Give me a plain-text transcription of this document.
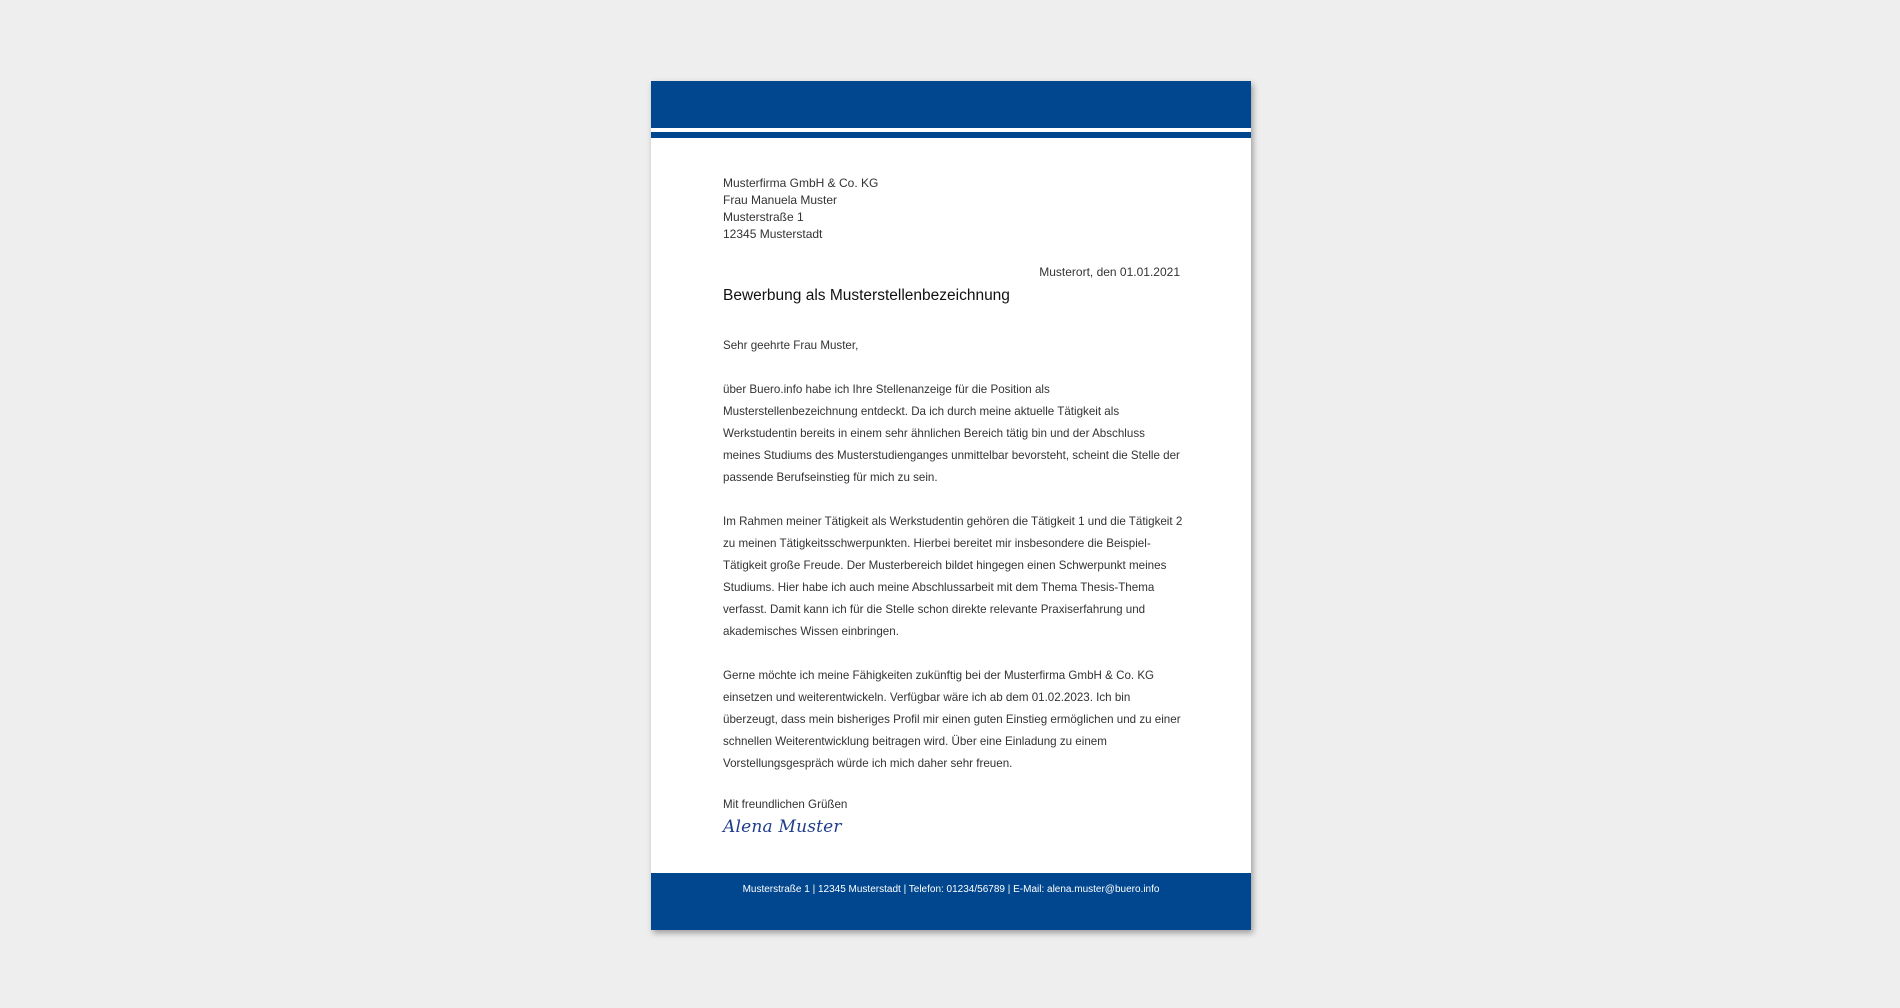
Musterfirma GmbH & Co. KG
Frau Manuela Muster
Musterstraße 1
12345 Musterstadt
Musterort, den 01.01.2021
Bewerbung als Musterstellenbezeichnung

Sehr geehrte Frau Muster,

über Buero.info habe ich Ihre Stellenanzeige für die Position als Musterstellenbezeichnung entdeckt. Da ich durch meine aktuelle Tätigkeit als Werkstudentin bereits in einem sehr ähnlichen Bereich tätig bin und der Abschluss meines Studiums des Musterstudienganges unmittelbar bevorsteht, scheint die Stelle der passende Berufseinstieg für mich zu sein.

Im Rahmen meiner Tätigkeit als Werkstudentin gehören die Tätigkeit 1 und die Tätigkeit 2 zu meinen Tätigkeitsschwerpunkten. Hierbei bereitet mir insbesondere die Beispiel-Tätigkeit große Freude. Der Musterbereich bildet hingegen einen Schwerpunkt meines Studiums. Hier habe ich auch meine Abschlussarbeit mit dem Thema Thesis-Thema verfasst. Damit kann ich für die Stelle schon direkte relevante Praxiserfahrung und akademisches Wissen einbringen.

Gerne möchte ich meine Fähigkeiten zukünftig bei der Musterfirma GmbH & Co. KG einsetzen und weiterentwickeln. Verfügbar wäre ich ab dem 01.02.2023. Ich bin überzeugt, dass mein bisheriges Profil mir einen guten Einstieg ermöglichen und zu einer schnellen Weiterentwicklung beitragen wird. Über eine Einladung zu einem Vorstellungsgespräch würde ich mich daher sehr freuen.

Mit freundlichen Grüßen
Alena Muster
Musterstraße 1 | 12345 Musterstadt | Telefon: 01234/56789 | E-Mail: alena.muster@buero.info
